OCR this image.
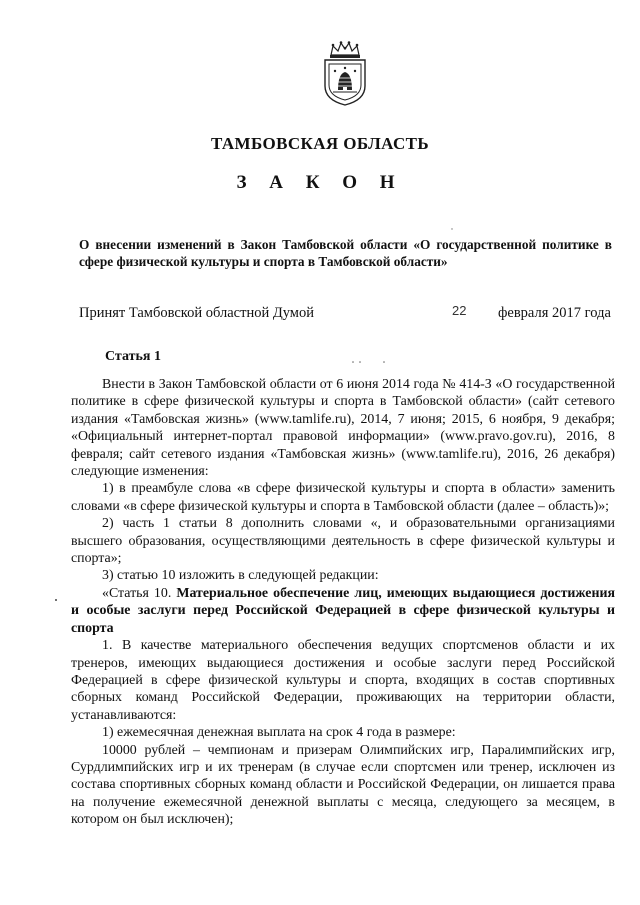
ТАМБОВСКАЯ ОБЛАСТЬ
З А К О Н
О внесении изменений в Закон Тамбовской области «О государственной политике в сфере физической культуры и спорта в Тамбовской области»
Принят Тамбовской областной Думой	22 февраля 2017 года
Статья 1

Внести в Закон Тамбовской области от 6 июня 2014 года № 414-З «О государственной политике в сфере физической культуры и спорта в Тамбовской области» (сайт сетевого издания «Тамбовская жизнь» (www.tamlife.ru), 2014, 7 июня; 2015, 6 ноября, 9 декабря; «Официальный интернет-портал правовой информации» (www.pravo.gov.ru), 2016, 8 февраля; сайт сетевого издания «Тамбовская жизнь» (www.tamlife.ru), 2016, 26 декабря) следующие изменения:

1) в преамбуле слова «в сфере физической культуры и спорта в области» заменить словами «в сфере физической культуры и спорта в Тамбовской области (далее – область)»;

2) часть 1 статьи 8 дополнить словами «, и образовательными организациями высшего образования, осуществляющими деятельность в сфере физической культуры и спорта»;

3) статью 10 изложить в следующей редакции:

«Статья 10. Материальное обеспечение лиц, имеющих выдающиеся достижения и особые заслуги перед Российской Федерацией в сфере физической культуры и спорта

1. В качестве материального обеспечения ведущих спортсменов области и их тренеров, имеющих выдающиеся достижения и особые заслуги перед Российской Федерацией в сфере физической культуры и спорта, входящих в состав спортивных сборных команд Российской Федерации, проживающих на территории области, устанавливаются:

1) ежемесячная денежная выплата на срок 4 года в размере:

10000 рублей – чемпионам и призерам Олимпийских игр, Паралимпийских игр, Сурдлимпийских игр и их тренерам (в случае если спортсмен или тренер, исключен из состава спортивных сборных команд области и Российской Федерации, он лишается права на получение ежемесячной денежной выплаты с месяца, следующего за месяцем, в котором он был исключен);
